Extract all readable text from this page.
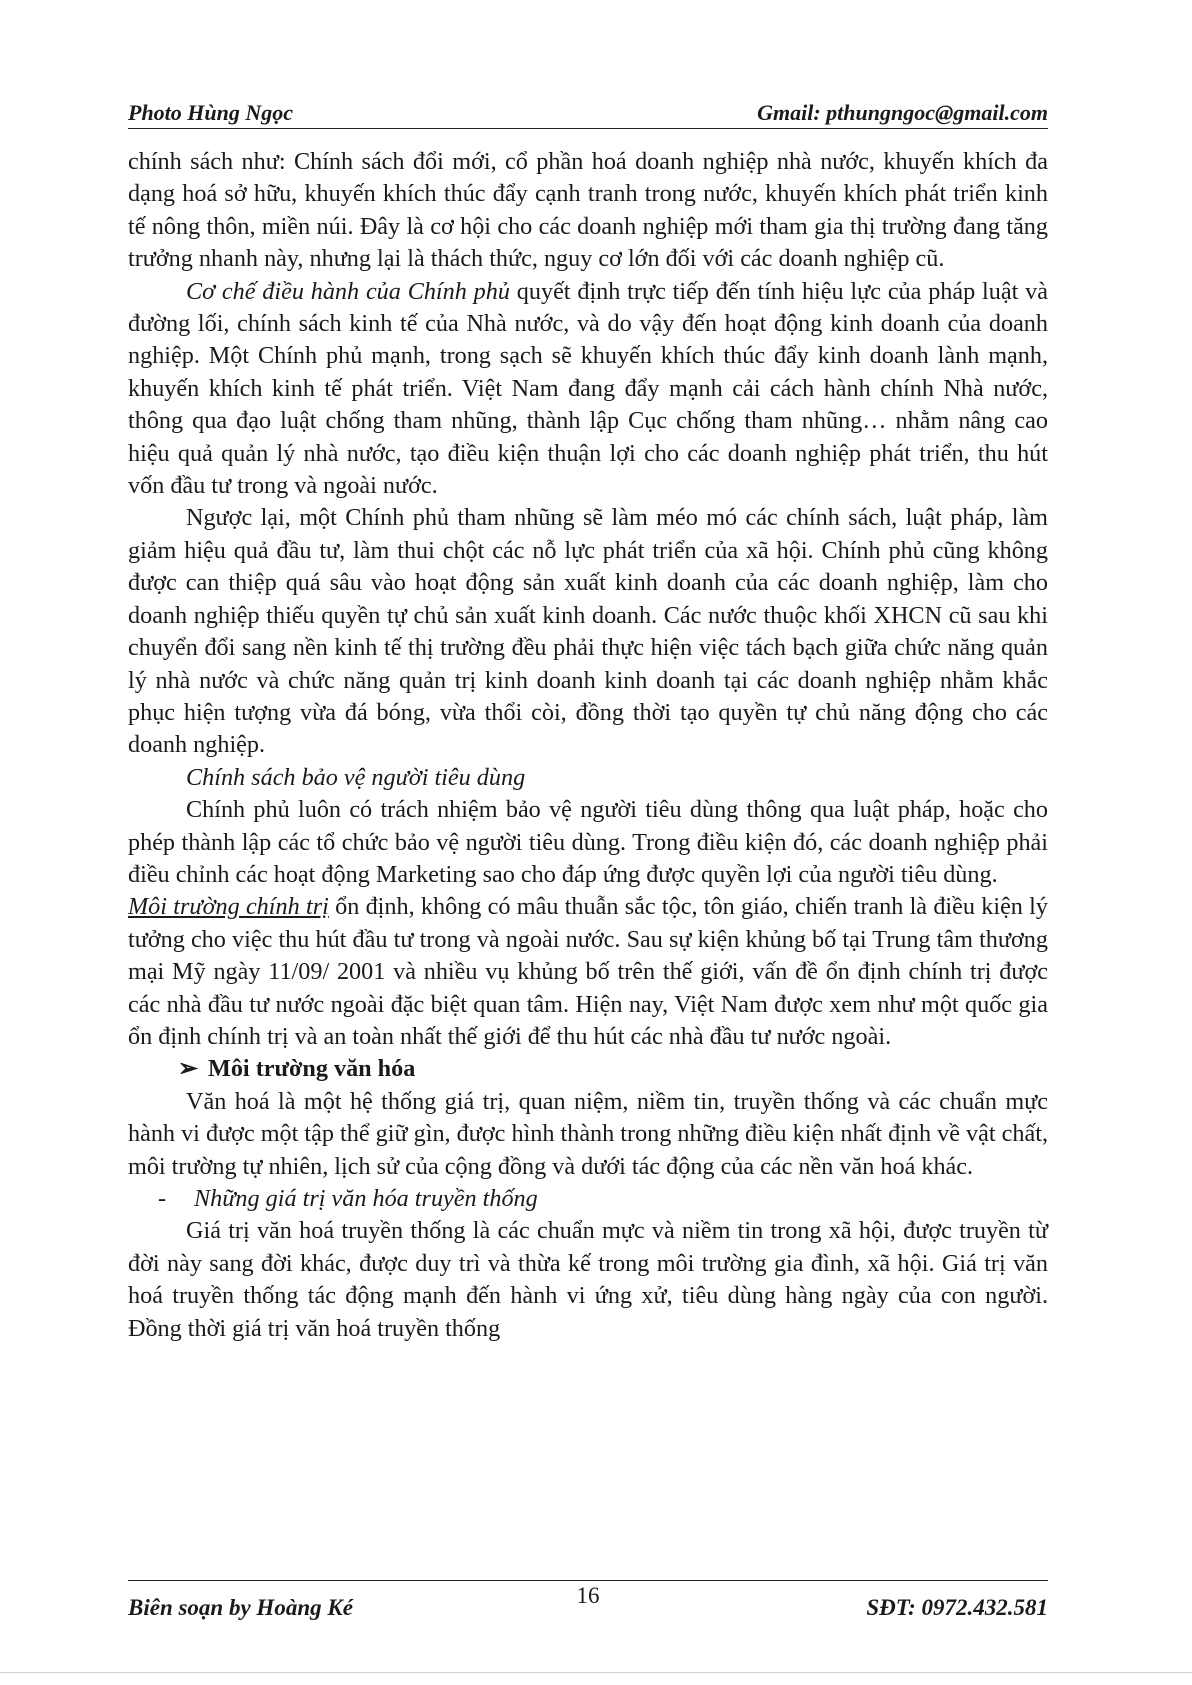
Photo Hùng Ngọc	Gmail: pthungngoc@gmail.com

chính sách như: Chính sách đổi mới, cổ phần hoá doanh nghiệp nhà nước, khuyến khích đa dạng hoá sở hữu, khuyến khích thúc đẩy cạnh tranh trong nước, khuyến khích phát triển kinh tế nông thôn, miền núi. Đây là cơ hội cho các doanh nghiệp mới tham gia thị trường đang tăng trưởng nhanh này, nhưng lại là thách thức, nguy cơ lớn đối với các doanh nghiệp cũ.

Cơ chế điều hành của Chính phủ quyết định trực tiếp đến tính hiệu lực của pháp luật và đường lối, chính sách kinh tế của Nhà nước, và do vậy đến hoạt động kinh doanh của doanh nghiệp. Một Chính phủ mạnh, trong sạch sẽ khuyến khích thúc đẩy kinh doanh lành mạnh, khuyến khích kinh tế phát triển. Việt Nam đang đẩy mạnh cải cách hành chính Nhà nước, thông qua đạo luật chống tham nhũng, thành lập Cục chống tham nhũng… nhằm nâng cao hiệu quả quản lý nhà nước, tạo điều kiện thuận lợi cho các doanh nghiệp phát triển, thu hút vốn đầu tư trong và ngoài nước.

Ngược lại, một Chính phủ tham nhũng sẽ làm méo mó các chính sách, luật pháp, làm giảm hiệu quả đầu tư, làm thui chột các nỗ lực phát triển của xã hội. Chính phủ cũng không được can thiệp quá sâu vào hoạt động sản xuất kinh doanh của các doanh nghiệp, làm cho doanh nghiệp thiếu quyền tự chủ sản xuất kinh doanh. Các nước thuộc khối XHCN cũ sau khi chuyển đổi sang nền kinh tế thị trường đều phải thực hiện việc tách bạch giữa chức năng quản lý nhà nước và chức năng quản trị kinh doanh kinh doanh tại các doanh nghiệp nhằm khắc phục hiện tượng vừa đá bóng, vừa thổi còi, đồng thời tạo quyền tự chủ năng động cho các doanh nghiệp.

Chính sách bảo vệ người tiêu dùng

Chính phủ luôn có trách nhiệm bảo vệ người tiêu dùng thông qua luật pháp, hoặc cho phép thành lập các tổ chức bảo vệ người tiêu dùng. Trong điều kiện đó, các doanh nghiệp phải điều chỉnh các hoạt động Marketing sao cho đáp ứng được quyền lợi của người tiêu dùng.

Môi trường chính trị ổn định, không có mâu thuẫn sắc tộc, tôn giáo, chiến tranh là điều kiện lý tưởng cho việc thu hút đầu tư trong và ngoài nước. Sau sự kiện khủng bố tại Trung tâm thương mại Mỹ ngày 11/09/ 2001 và nhiều vụ khủng bố trên thế giới, vấn đề ổn định chính trị được các nhà đầu tư nước ngoài đặc biệt quan tâm. Hiện nay, Việt Nam được xem như một quốc gia ổn định chính trị và an toàn nhất thế giới để thu hút các nhà đầu tư nước ngoài.

➢ Môi trường văn hóa

Văn hoá là một hệ thống giá trị, quan niệm, niềm tin, truyền thống và các chuẩn mực hành vi được một tập thể giữ gìn, được hình thành trong những điều kiện nhất định về vật chất, môi trường tự nhiên, lịch sử của cộng đồng và dưới tác động của các nền văn hoá khác.

- Những giá trị văn hóa truyền thống

Giá trị văn hoá truyền thống là các chuẩn mực và niềm tin trong xã hội, được truyền từ đời này sang đời khác, được duy trì và thừa kế trong môi trường gia đình, xã hội. Giá trị văn hoá truyền thống tác động mạnh đến hành vi ứng xử, tiêu dùng hàng ngày của con người. Đồng thời giá trị văn hoá truyền thống

Biên soạn by Hoàng Ké	16	SĐT: 0972.432.581
